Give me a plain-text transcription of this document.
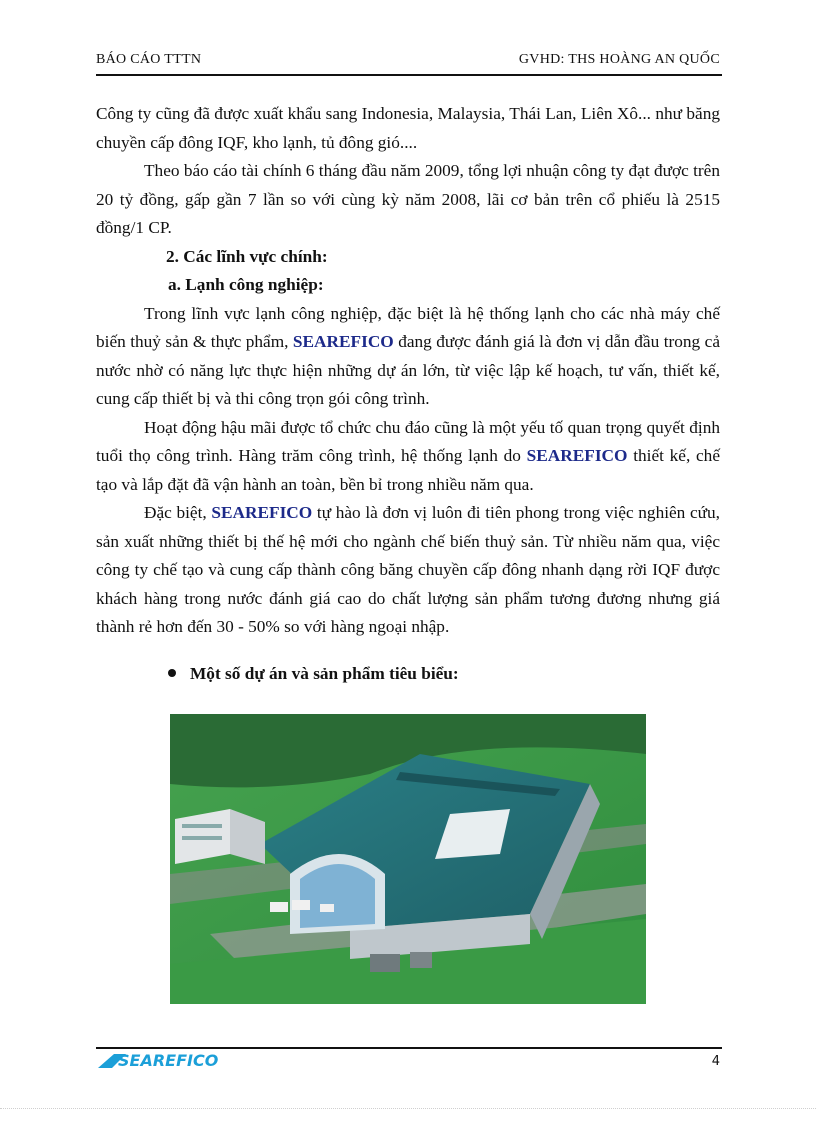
BÁO CÁO TTTN	GVHD: THS HOÀNG AN QUỐC

Công ty cũng đã được xuất khẩu sang Indonesia, Malaysia, Thái Lan, Liên Xô... như băng chuyền cấp đông IQF, kho lạnh, tủ đông gió....

Theo báo cáo tài chính 6 tháng đầu năm 2009, tổng lợi nhuận công ty đạt được trên 20 tỷ đồng, gấp gần 7 lần so với cùng kỳ năm 2008, lãi cơ bản trên cổ phiếu là 2515 đồng/1 CP.

2. Các lĩnh vực chính:

a. Lạnh công nghiệp:

Trong lĩnh vực lạnh công nghiệp, đặc biệt là hệ thống lạnh cho các nhà máy chế biến thuỷ sản & thực phẩm, SEAREFICO đang được đánh giá là đơn vị dẫn đầu trong cả nước nhờ có năng lực thực hiện những dự án lớn, từ việc lập kế hoạch, tư vấn, thiết kế, cung cấp thiết bị và thi công trọn gói công trình.

Hoạt động hậu mãi được tổ chức chu đáo cũng là một yếu tố quan trọng quyết định tuổi thọ công trình. Hàng trăm công trình, hệ thống lạnh do SEAREFICO thiết kế, chế tạo và lắp đặt đã vận hành an toàn, bền bỉ trong nhiều năm qua.

Đặc biệt, SEAREFICO tự hào là đơn vị luôn đi tiên phong trong việc nghiên cứu, sản xuất những thiết bị thế hệ mới cho ngành chế biến thuỷ sản. Từ nhiều năm qua, việc công ty chế tạo và cung cấp thành công băng chuyền cấp đông nhanh dạng rời IQF được khách hàng trong nước đánh giá cao do chất lượng sản phẩm tương đương nhưng giá thành rẻ hơn đến 30 - 50% so với hàng ngoại nhập.

Một số dự án và sản phẩm tiêu biểu:
SEAREFICO	4
